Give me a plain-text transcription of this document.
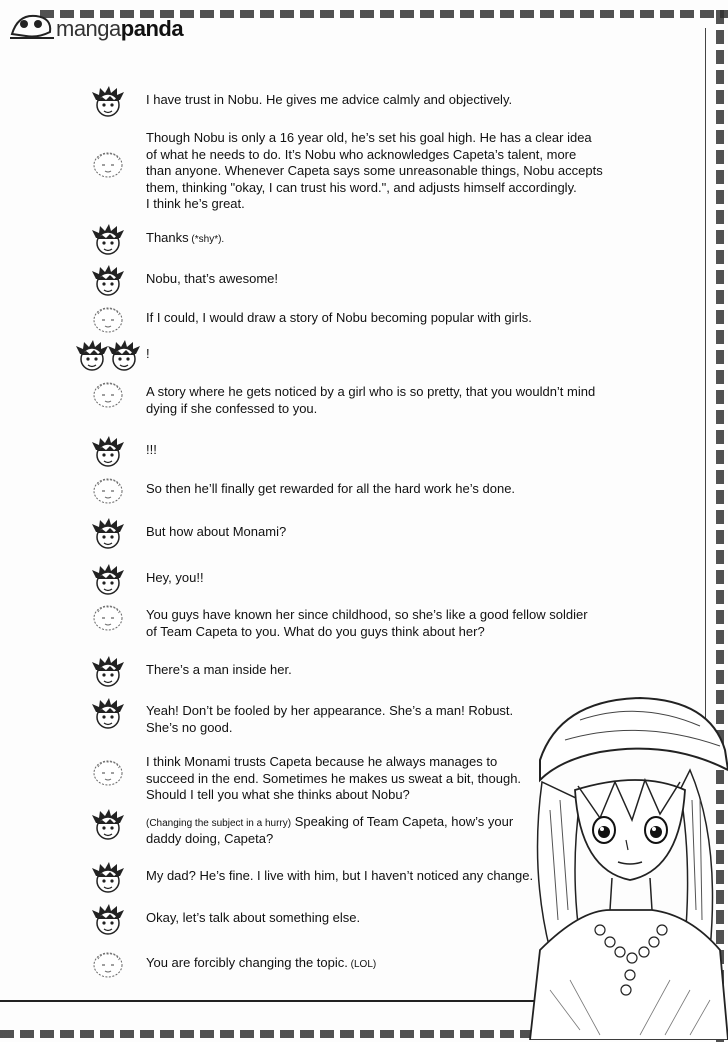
mangapanda
I have trust in Nobu. He gives me advice calmly and objectively.
Though Nobu is only a 16 year old, he’s set his goal high. He has a clear idea
of what he needs to do. It’s Nobu who acknowledges Capeta’s talent, more
than anyone. Whenever Capeta says some unreasonable things, Nobu accepts
them, thinking "okay, I can trust his word.", and adjusts himself accordingly.
I think he’s great.
Thanks (*shy*).
Nobu, that’s awesome!
If I could, I would draw a story of Nobu becoming popular with girls.
!
A story where he gets noticed by a girl who is so pretty, that you wouldn’t mind
dying if she confessed to you.
!!!
So then he’ll finally get rewarded for all the hard work he’s done.
But how about Monami?
Hey, you!!
You guys have known her since childhood, so she’s like a good fellow soldier
of Team Capeta to you. What do you guys think about her?
There’s a man inside her.
Yeah! Don’t be fooled by her appearance. She’s a man! Robust.
She’s no good.
I think Monami trusts Capeta because he always manages to
succeed in the end. Sometimes he makes us sweat a bit, though.
Should I tell you what she thinks about Nobu?
(Changing the subject in a hurry) Speaking of Team Capeta, how’s your
daddy doing, Capeta?
My dad? He’s fine. I live with him, but I haven’t noticed any change.
Okay, let’s talk about something else.
You are forcibly changing the topic. (LOL)
